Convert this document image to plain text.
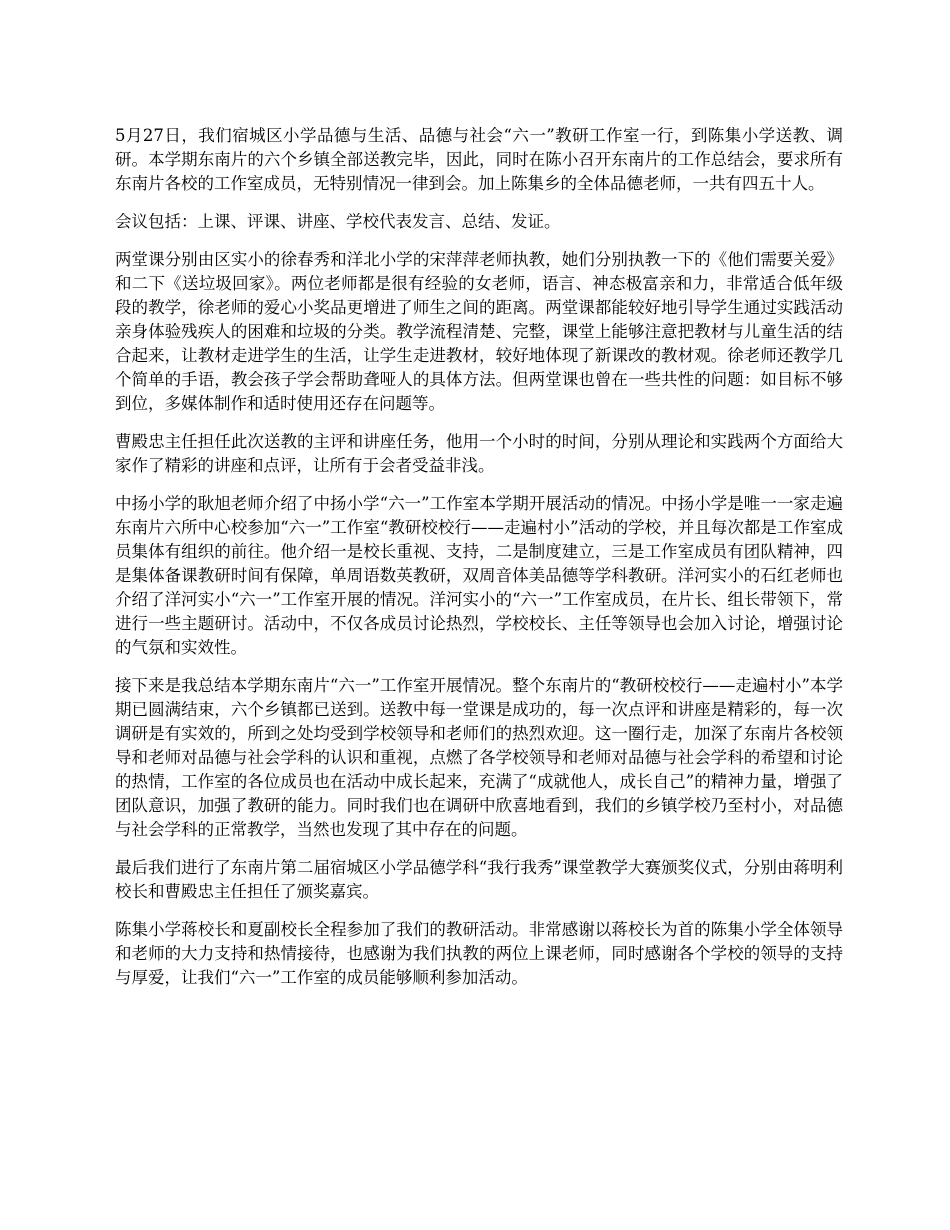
5月27日，我们宿城区小学品德与生活、品德与社会“六一”教研工作室一行，到陈集小学送教、调研。本学期东南片的六个乡镇全部送教完毕，因此，同时在陈小召开东南片的工作总结会，要求所有东南片各校的工作室成员，无特别情况一律到会。加上陈集乡的全体品德老师，一共有四五十人。

会议包括：上课、评课、讲座、学校代表发言、总结、发证。

两堂课分别由区实小的徐春秀和洋北小学的宋萍萍老师执教，她们分别执教一下的《他们需要关爱》和二下《送垃圾回家》。两位老师都是很有经验的女老师，语言、神态极富亲和力，非常适合低年级段的教学，徐老师的爱心小奖品更增进了师生之间的距离。两堂课都能较好地引导学生通过实践活动亲身体验残疾人的困难和垃圾的分类。教学流程清楚、完整，课堂上能够注意把教材与儿童生活的结合起来，让教材走进学生的生活，让学生走进教材，较好地体现了新课改的教材观。徐老师还教学几个简单的手语，教会孩子学会帮助聋哑人的具体方法。但两堂课也曾在一些共性的问题：如目标不够到位，多媒体制作和适时使用还存在问题等。

曹殿忠主任担任此次送教的主评和讲座任务，他用一个小时的时间，分别从理论和实践两个方面给大家作了精彩的讲座和点评，让所有于会者受益非浅。

中扬小学的耿旭老师介绍了中扬小学“六一”工作室本学期开展活动的情况。中扬小学是唯一一家走遍东南片六所中心校参加“六一”工作室“教研校校行——走遍村小”活动的学校，并且每次都是工作室成员集体有组织的前往。他介绍一是校长重视、支持，二是制度建立，三是工作室成员有团队精神，四是集体备课教研时间有保障，单周语数英教研，双周音体美品德等学科教研。洋河实小的石红老师也介绍了洋河实小“六一”工作室开展的情况。洋河实小的“六一”工作室成员，在片长、组长带领下，常进行一些主题研讨。活动中，不仅各成员讨论热烈，学校校长、主任等领导也会加入讨论，增强讨论的气氛和实效性。

接下来是我总结本学期东南片“六一”工作室开展情况。整个东南片的“教研校校行——走遍村小”本学期已圆满结束，六个乡镇都已送到。送教中每一堂课是成功的，每一次点评和讲座是精彩的，每一次调研是有实效的，所到之处均受到学校领导和老师们的热烈欢迎。这一圈行走，加深了东南片各校领导和老师对品德与社会学科的认识和重视，点燃了各学校领导和老师对品德与社会学科的希望和讨论的热情，工作室的各位成员也在活动中成长起来，充满了“成就他人，成长自己”的精神力量，增强了团队意识，加强了教研的能力。同时我们也在调研中欣喜地看到，我们的乡镇学校乃至村小，对品德与社会学科的正常教学，当然也发现了其中存在的问题。

最后我们进行了东南片第二届宿城区小学品德学科“我行我秀”课堂教学大赛颁奖仪式，分别由蒋明利校长和曹殿忠主任担任了颁奖嘉宾。

陈集小学蒋校长和夏副校长全程参加了我们的教研活动。非常感谢以蒋校长为首的陈集小学全体领导和老师的大力支持和热情接待，也感谢为我们执教的两位上课老师，同时感谢各个学校的领导的支持与厚爱，让我们“六一”工作室的成员能够顺利参加活动。
